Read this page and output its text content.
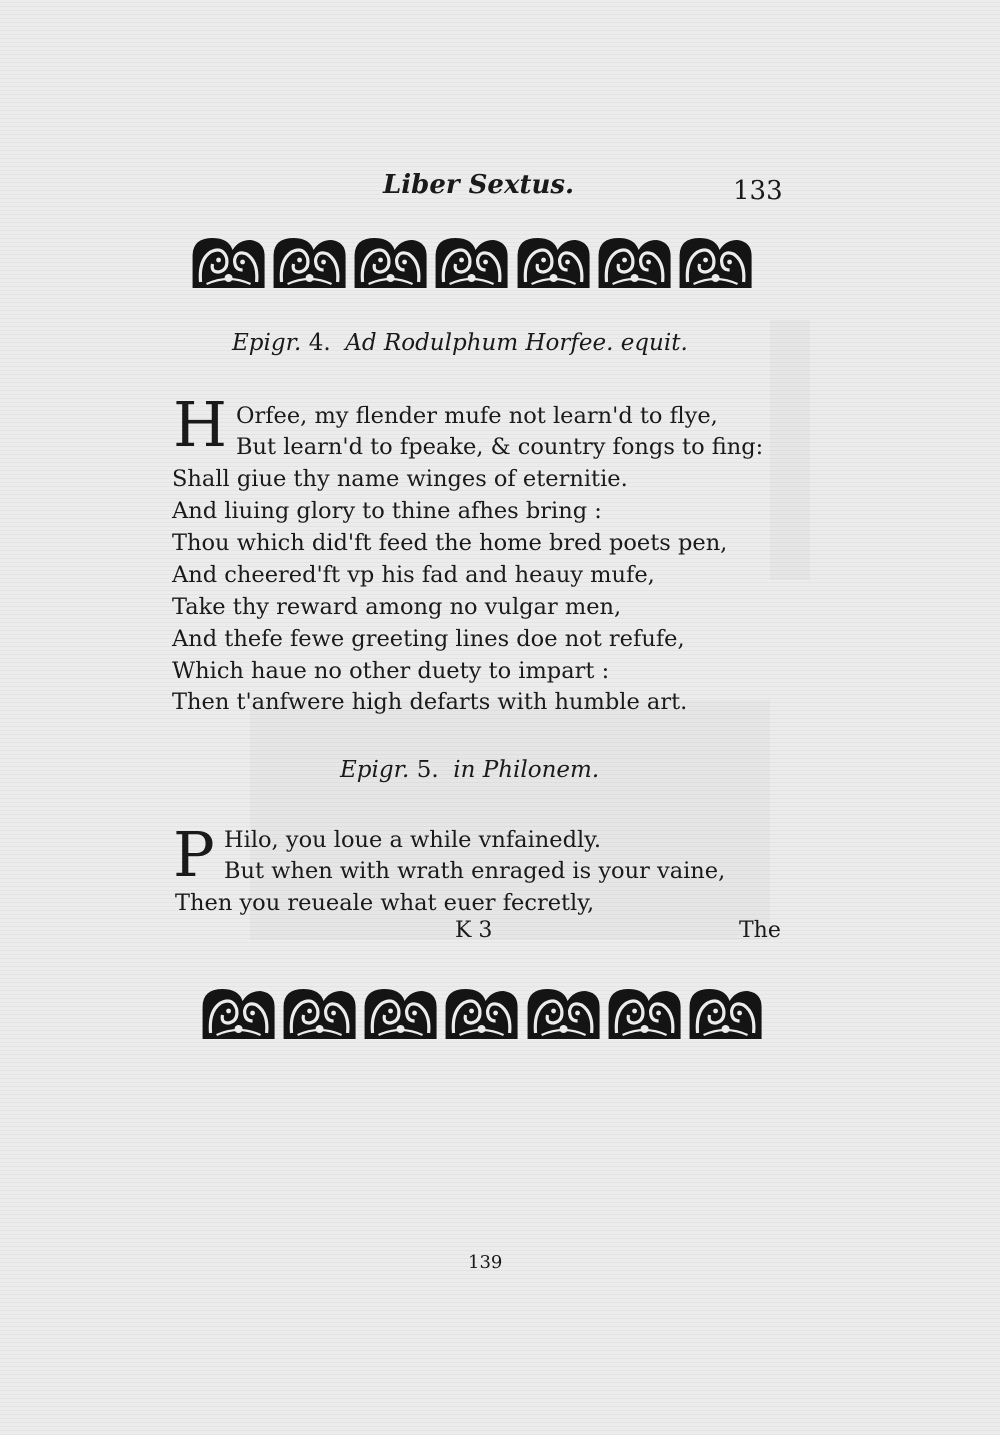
Liber Sextus.	133
Epigr. 4. Ad Rodulphum Horfee. equit.
H Orfee, my flender mufe not learn'd to flye,
But learn'd to fpeake, & country fongs to fing:
Shall giue thy name winges of eternitie.
And liuing glory to thine afhes bring :
Thou which did'ft feed the home bred poets pen,
And cheered'ft vp his fad and heauy mufe,
Take thy reward among no vulgar men,
And thefe fewe greeting lines doe not refufe,
Which haue no other duety to impart :
Then t'anfwere high defarts with humble art.
Epigr. 5. in Philonem.
P Hilo, you loue a while vnfainedly.
But when with wrath enraged is your vaine,
Then you reueale what euer fecretly,
K 3	The
139
